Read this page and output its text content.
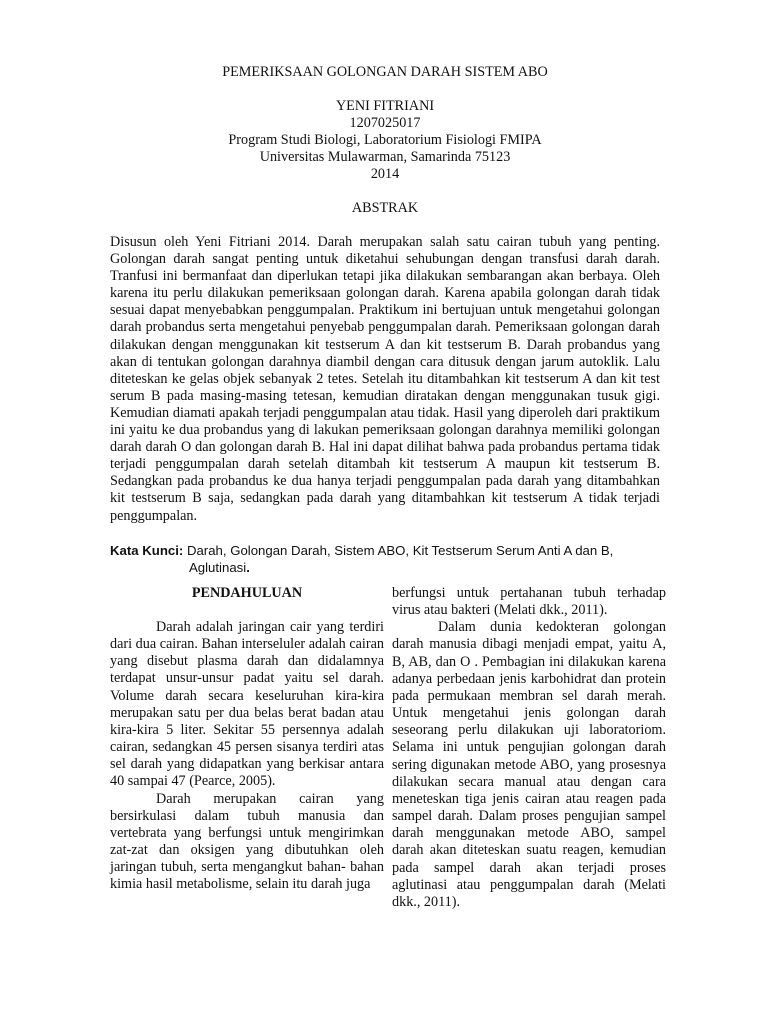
PEMERIKSAAN GOLONGAN DARAH SISTEM ABO
YENI FITRIANI
1207025017
Program Studi Biologi, Laboratorium Fisiologi FMIPA
Universitas Mulawarman, Samarinda 75123
2014
ABSTRAK

Disusun oleh Yeni Fitriani 2014. Darah merupakan salah satu cairan tubuh yang penting. Golongan darah sangat penting untuk diketahui sehubungan dengan transfusi darah darah. Tranfusi ini bermanfaat dan diperlukan tetapi jika dilakukan sembarangan akan berbaya. Oleh karena itu perlu dilakukan pemeriksaan golongan darah. Karena apabila golongan darah tidak sesuai dapat menyebabkan penggumpalan. Praktikum ini bertujuan untuk mengetahui golongan darah probandus serta mengetahui penyebab penggumpalan darah. Pemeriksaan golongan darah dilakukan dengan menggunakan kit testserum A dan kit testserum B. Darah probandus yang akan di tentukan golongan darahnya diambil dengan cara ditusuk dengan jarum autoklik. Lalu diteteskan ke gelas objek sebanyak 2 tetes. Setelah itu ditambahkan kit testserum A dan kit test serum B pada masing-masing tetesan, kemudian diratakan dengan menggunakan tusuk gigi. Kemudian diamati apakah terjadi penggumpalan atau tidak. Hasil yang diperoleh dari praktikum ini yaitu ke dua probandus yang di lakukan pemeriksaan golongan darahnya memiliki golongan darah darah O dan golongan darah B. Hal ini dapat dilihat bahwa pada probandus pertama tidak terjadi penggumpalan darah setelah ditambah kit testserum A maupun kit testserum B. Sedangkan pada probandus ke dua hanya terjadi penggumpalan pada darah yang ditambahkan kit testserum B saja, sedangkan pada darah yang ditambahkan kit testserum A tidak terjadi penggumpalan.

Kata Kunci: Darah, Golongan Darah, Sistem ABO, Kit Testserum Serum Anti A dan B,
Aglutinasi.
PENDAHULUAN

Darah adalah jaringan cair yang terdiri dari dua cairan. Bahan interseluler adalah cairan yang disebut plasma darah dan didalamnya terdapat unsur-unsur padat yaitu sel darah. Volume darah secara keseluruhan kira-kira merupakan satu per dua belas berat badan atau kira-kira 5 liter. Sekitar 55 persennya adalah cairan, sedangkan 45 persen sisanya terdiri atas sel darah yang didapatkan yang berkisar antara 40 sampai 47 (Pearce, 2005).

Darah merupakan cairan yang bersirkulasi dalam tubuh manusia dan vertebrata yang berfungsi untuk mengirimkan zat-zat dan oksigen yang dibutuhkan oleh jaringan tubuh, serta mengangkut bahan- bahan kimia hasil metabolisme, selain itu darah juga

berfungsi untuk pertahanan tubuh terhadap virus atau bakteri (Melati dkk., 2011).

Dalam dunia kedokteran golongan darah manusia dibagi menjadi empat, yaitu A, B, AB, dan O . Pembagian ini dilakukan karena adanya perbedaan jenis karbohidrat dan protein pada permukaan membran sel darah merah. Untuk mengetahui jenis golongan darah seseorang perlu dilakukan uji laboratoriom. Selama ini untuk pengujian golongan darah sering digunakan metode ABO, yang prosesnya dilakukan secara manual atau dengan cara meneteskan tiga jenis cairan atau reagen pada sampel darah. Dalam proses pengujian sampel darah menggunakan metode ABO, sampel darah akan diteteskan suatu reagen, kemudian pada sampel darah akan terjadi proses aglutinasi atau penggumpalan darah (Melati dkk., 2011).
